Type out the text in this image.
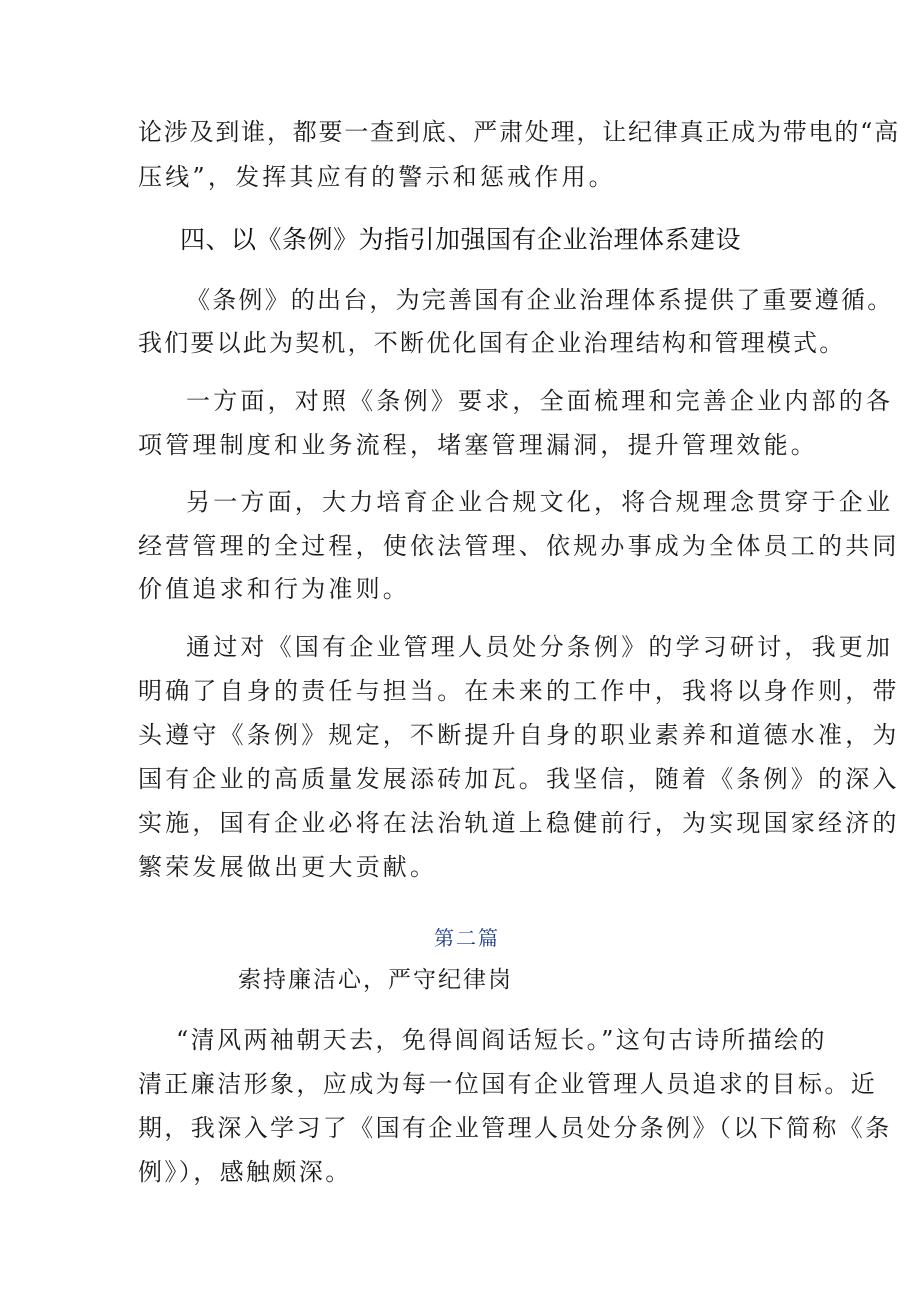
论涉及到谁，都要一查到底、严肃处理，让纪律真正成为带电的“高
压线”，发挥其应有的警示和惩戒作用。
四、以《条例》为指引加强国有企业治理体系建设
《条例》的出台，为完善国有企业治理体系提供了重要遵循。
我们要以此为契机，不断优化国有企业治理结构和管理模式。
一方面，对照《条例》要求，全面梳理和完善企业内部的各
项管理制度和业务流程，堵塞管理漏洞，提升管理效能。
另一方面，大力培育企业合规文化，将合规理念贯穿于企业
经营管理的全过程，使依法管理、依规办事成为全体员工的共同
价值追求和行为准则。
通过对《国有企业管理人员处分条例》的学习研讨，我更加
明确了自身的责任与担当。在未来的工作中，我将以身作则，带
头遵守《条例》规定，不断提升自身的职业素养和道德水准，为
国有企业的高质量发展添砖加瓦。我坚信，随着《条例》的深入
实施，国有企业必将在法治轨道上稳健前行，为实现国家经济的
繁荣发展做出更大贡献。
第二篇
索持廉洁心，严守纪律岗
“清风两袖朝天去，免得闾阎话短长。”这句古诗所描绘的
清正廉洁形象，应成为每一位国有企业管理人员追求的目标。近
期，我深入学习了《国有企业管理人员处分条例》（以下简称《条
例》），感触颇深。
